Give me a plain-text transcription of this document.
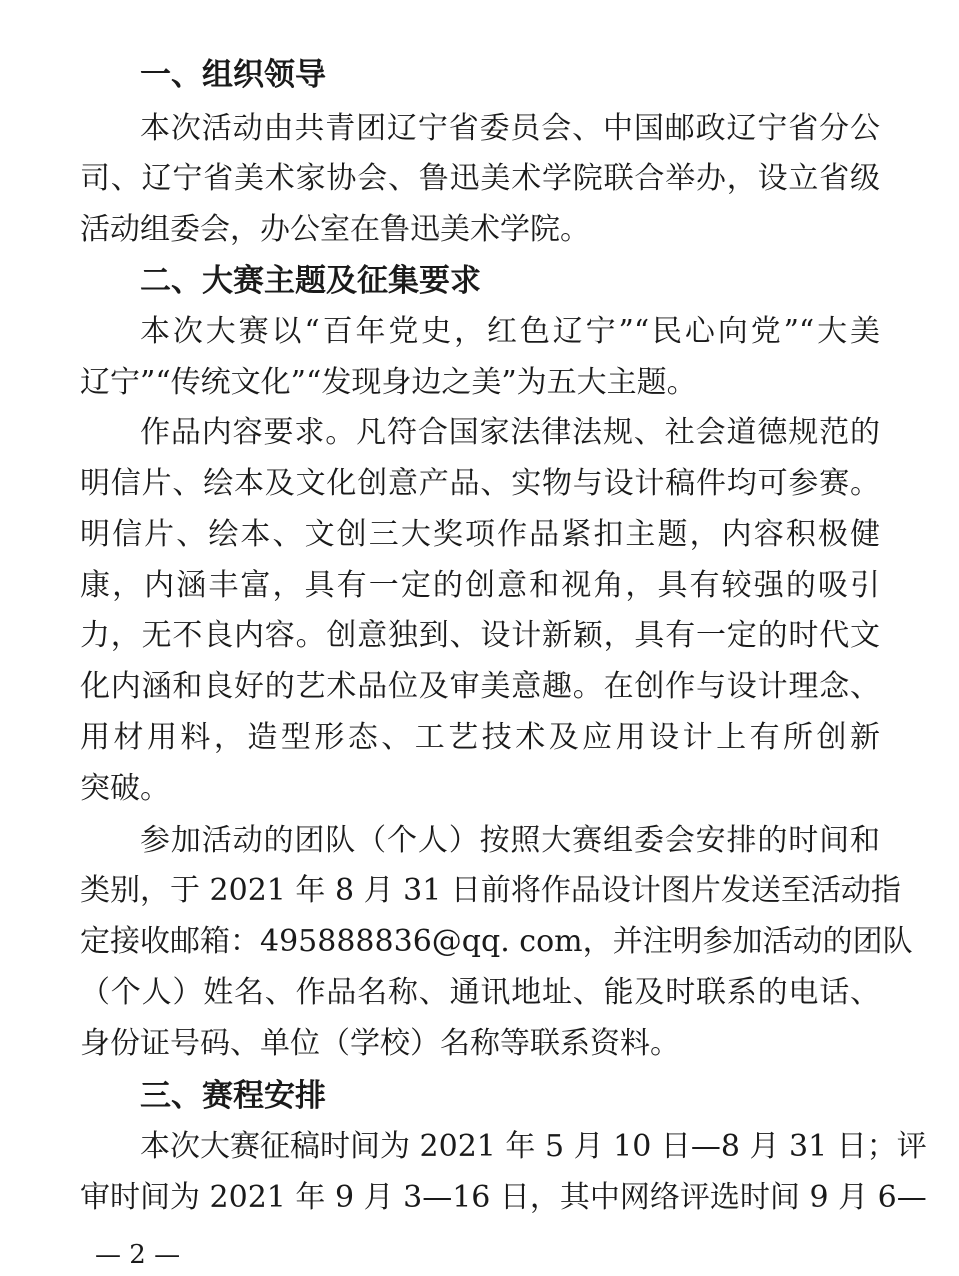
一、组织领导
本次活动由共青团辽宁省委员会、中国邮政辽宁省分公
司、辽宁省美术家协会、鲁迅美术学院联合举办，设立省级
活动组委会，办公室在鲁迅美术学院。
二、大赛主题及征集要求
本次大赛以“百年党史，红色辽宁”“民心向党”“大美
辽宁”“传统文化”“发现身边之美”为五大主题。
作品内容要求。凡符合国家法律法规、社会道德规范的
明信片、绘本及文化创意产品、实物与设计稿件均可参赛。
明信片、绘本、文创三大奖项作品紧扣主题，内容积极健
康，内涵丰富，具有一定的创意和视角，具有较强的吸引
力，无不良内容。创意独到、设计新颖，具有一定的时代文
化内涵和良好的艺术品位及审美意趣。在创作与设计理念、
用材用料，造型形态、工艺技术及应用设计上有所创新
突破。
参加活动的团队（个人）按照大赛组委会安排的时间和
类别，于 2021 年 8 月 31 日前将作品设计图片发送至活动指
定接收邮箱：495888836@qq. com，并注明参加活动的团队
（个人）姓名、作品名称、通讯地址、能及时联系的电话、
身份证号码、单位（学校）名称等联系资料。
三、赛程安排
本次大赛征稿时间为 2021 年 5 月 10 日—8 月 31 日；评
审时间为 2021 年 9 月 3—16 日，其中网络评选时间 9 月 6—
— 2 —
